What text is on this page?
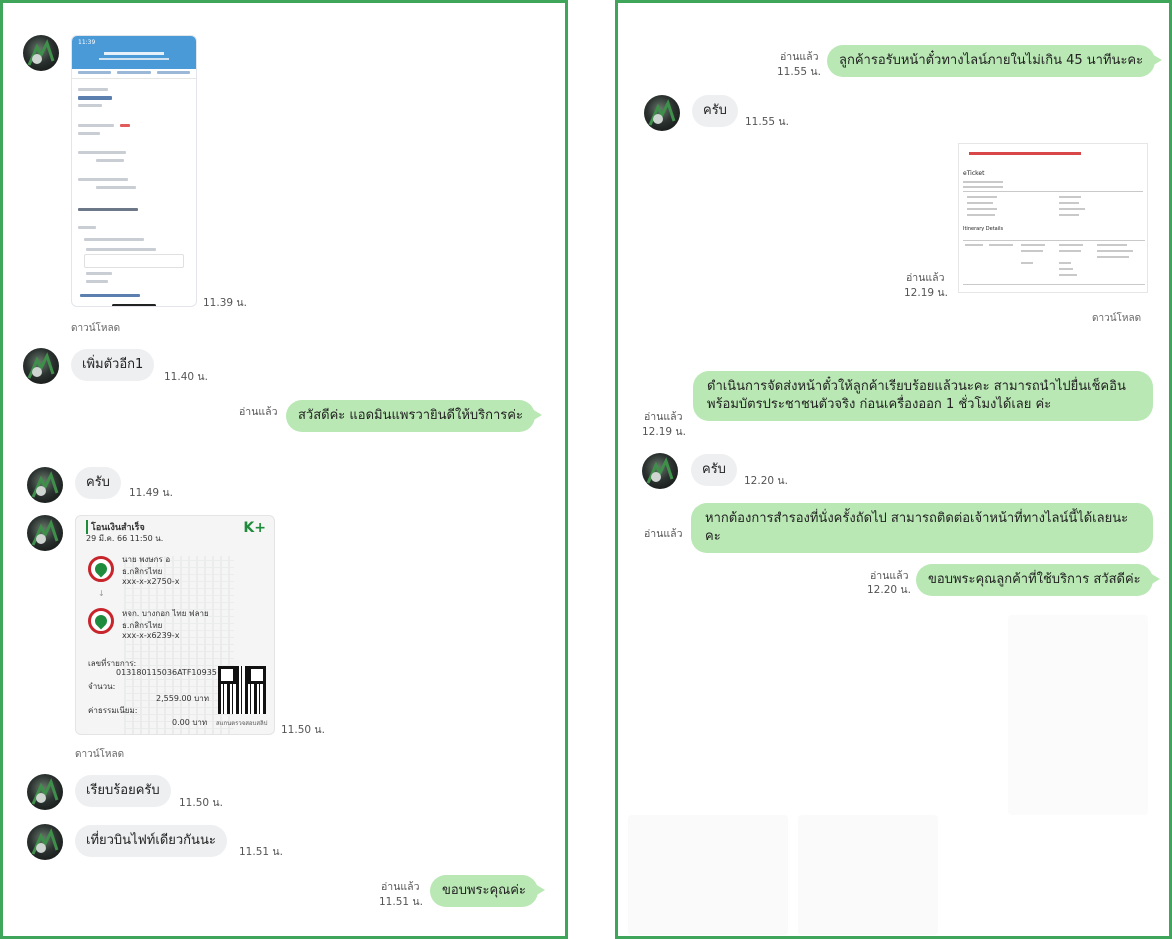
11:39
11.39 น.
ดาวน์โหลด
เพิ่มตัวอีก1
11.40 น.
อ่านแล้ว	สวัสดีค่ะ แอดมินแพรวายินดีให้บริการค่ะ
ครับ
11.49 น.
โอนเงินสำเร็จ	K+
29 มี.ค. 66 11:50 น.
นาย พงษกร อ
ธ.กสิกรไทย
xxx-x-x2750-x
↓
หจก. บางกอก ไทย ฟลาย
ธ.กสิกรไทย
xxx-x-x6239-x
เลขที่รายการ:
013180115036ATF10935
จำนวน:
2,559.00 บาท
ค่าธรรมเนียม:
0.00 บาท สแกนตรวจสอบสลิป
11.50 น.
ดาวน์โหลด
เรียบร้อยครับ
11.50 น.
เที่ยวบินไฟท์เดียวกันนะ
11.51 น.
อ่านแล้ว
11.51 น.
ขอบพระคุณค่ะ
อ่านแล้ว
11.55 น.
ลูกค้ารอรับหน้าตั๋วทางไลน์ภายในไม่เกิน 45 นาทีนะคะ
ครับ
11.55 น.
อ่านแล้ว
12.19 น.
eTicket
Itinerary Details
ดาวน์โหลด
อ่านแล้ว
12.19 น.
ดำเนินการจัดส่งหน้าตั๋วให้ลูกค้าเรียบร้อยแล้วนะคะ สามารถนำไปยื่นเช็คอินพร้อมบัตรประชาชนตัวจริง ก่อนเครื่องออก 1 ชั่วโมงได้เลย ค่ะ
ครับ
12.20 น.
อ่านแล้ว
หากต้องการสำรองที่นั่งครั้งถัดไป สามารถติดต่อเจ้าหน้าที่ทางไลน์นี้ได้เลยนะคะ
อ่านแล้ว
12.20 น.
ขอบพระคุณลูกค้าที่ใช้บริการ สวัสดีค่ะ
